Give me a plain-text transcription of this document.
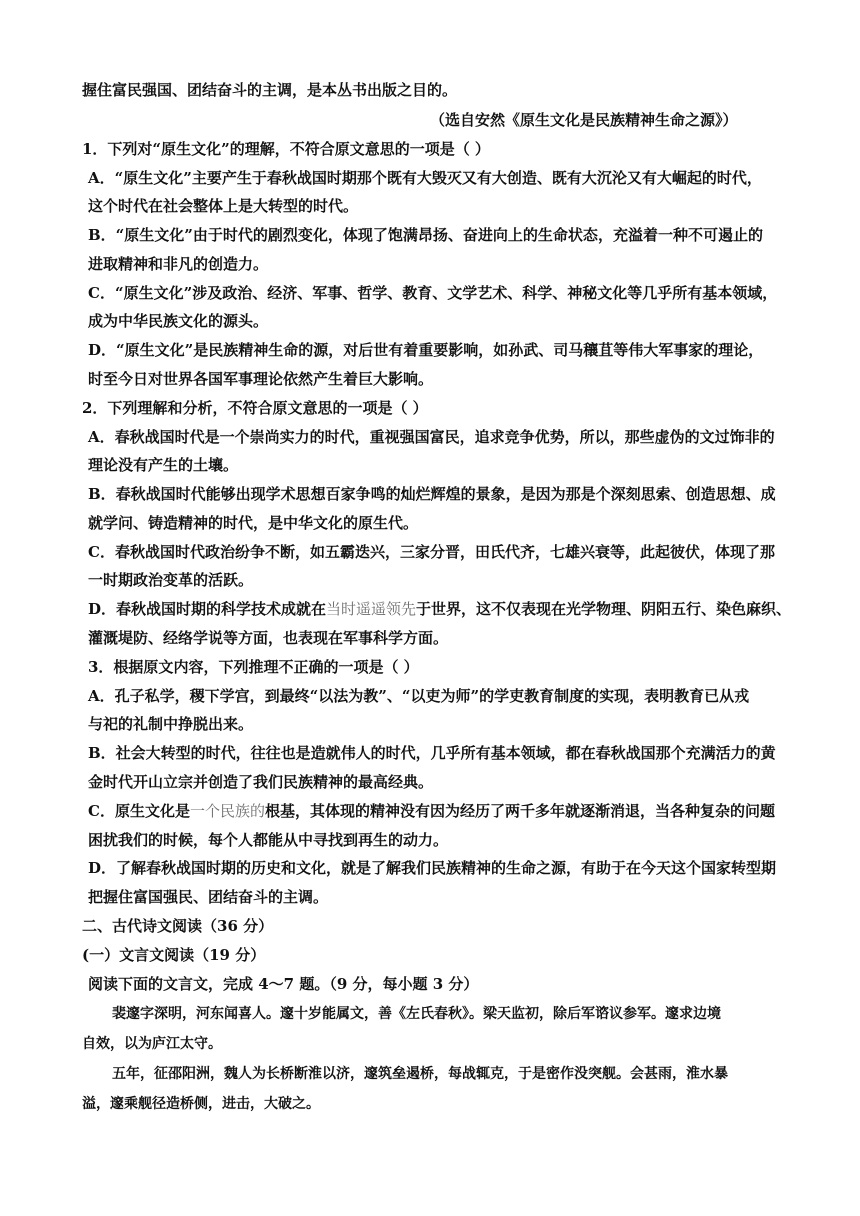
握住富民强国、团结奋斗的主调，是本丛书出版之目的。
（选自安然《原生文化是民族精神生命之源》）
1．下列对“原生文化”的理解，不符合原文意思的一项是（ ）
A．“原生文化”主要产生于春秋战国时期那个既有大毁灭又有大创造、既有大沉沦又有大崛起的时代，
这个时代在社会整体上是大转型的时代。
B．“原生文化”由于时代的剧烈变化，体现了饱满昂扬、奋进向上的生命状态，充溢着一种不可遏止的
进取精神和非凡的创造力。
C．“原生文化”涉及政治、经济、军事、哲学、教育、文学艺术、科学、神秘文化等几乎所有基本领域，
成为中华民族文化的源头。
D．“原生文化”是民族精神生命的源，对后世有着重要影响，如孙武、司马穰苴等伟大军事家的理论，
时至今日对世界各国军事理论依然产生着巨大影响。
2．下列理解和分析，不符合原文意思的一项是（ ）
A．春秋战国时代是一个崇尚实力的时代，重视强国富民，追求竞争优势，所以，那些虚伪的文过饰非的
理论没有产生的土壤。
B．春秋战国时代能够出现学术思想百家争鸣的灿烂辉煌的景象，是因为那是个深刻思索、创造思想、成
就学问、铸造精神的时代，是中华文化的原生代。
C．春秋战国时代政治纷争不断，如五霸迭兴，三家分晋，田氏代齐，七雄兴衰等，此起彼伏，体现了那
一时期政治变革的活跃。
D．春秋战国时期的科学技术成就在当时遥遥领先于世界，这不仅表现在光学物理、阴阳五行、染色麻织、
灌溉堤防、经络学说等方面，也表现在军事科学方面。
3．根据原文内容，下列推理不正确的一项是（ ）
A．孔子私学，稷下学宫，到最终“以法为教”、“以吏为师”的学吏教育制度的实现，表明教育已从戎
与祀的礼制中挣脱出来。
B．社会大转型的时代，往往也是造就伟人的时代，几乎所有基本领域，都在春秋战国那个充满活力的黄
金时代开山立宗并创造了我们民族精神的最高经典。
C．原生文化是一个民族的根基，其体现的精神没有因为经历了两千多年就逐渐消退，当各种复杂的问题
困扰我们的时候，每个人都能从中寻找到再生的动力。
D．了解春秋战国时期的历史和文化，就是了解我们民族精神的生命之源，有助于在今天这个国家转型期
把握住富国强民、团结奋斗的主调。
二、古代诗文阅读（36 分）
(一）文言文阅读（19 分）
阅读下面的文言文，完成 4～7 题。（9 分，每小题 3 分）
裴邃字深明，河东闻喜人。邃十岁能属文，善《左氏春秋》。梁天监初，除后军谘议参军。邃求边境
自效，以为庐江太守。
五年，征邵阳洲，魏人为长桥断淮以济，邃筑垒遏桥，每战辄克，于是密作没突舰。会甚雨，淮水暴
溢，邃乘舰径造桥侧，进击，大破之。
